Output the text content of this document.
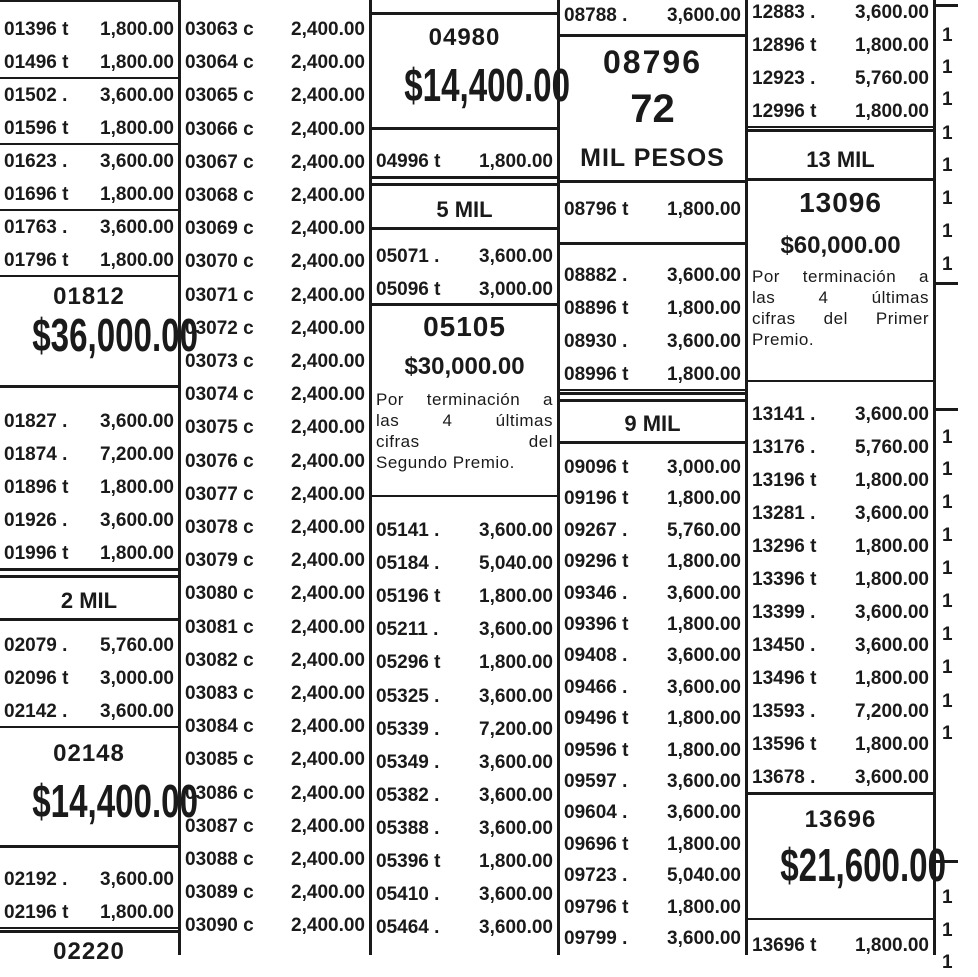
01812
$36,000.00
2 MIL
02148
$14,400.00
02220
01396 t 1,800.00
01496 t 1,800.00
01502 . 3,600.00
01596 t 1,800.00
01623 . 3,600.00
01696 t 1,800.00
01763 . 3,600.00
01796 t 1,800.00
01827 . 3,600.00
01874 . 7,200.00
01896 t 1,800.00
01926 . 3,600.00
01996 t 1,800.00
02079 . 5,760.00
02096 t 3,000.00
02142 . 3,600.00
02192 . 3,600.00
02196 t 1,800.00
03063 c 2,400.00
03064 c 2,400.00
03065 c 2,400.00
03066 c 2,400.00
03067 c 2,400.00
03068 c 2,400.00
03069 c 2,400.00
03070 c 2,400.00
03071 c 2,400.00
03072 c 2,400.00
03073 c 2,400.00
03074 c 2,400.00
03075 c 2,400.00
03076 c 2,400.00
03077 c 2,400.00
03078 c 2,400.00
03079 c 2,400.00
03080 c 2,400.00
03081 c 2,400.00
03082 c 2,400.00
03083 c 2,400.00
03084 c 2,400.00
03085 c 2,400.00
03086 c 2,400.00
03087 c 2,400.00
03088 c 2,400.00
03089 c 2,400.00
03090 c 2,400.00
04980
$14,400.00
5 MIL
05105
$30,000.00
Por terminación a
las 4 últimas
cifras del
Segundo Premio.
04996 t 1,800.00
05071 . 3,600.00
05096 t 3,000.00
05141 . 3,600.00
05184 . 5,040.00
05196 t 1,800.00
05211 . 3,600.00
05296 t 1,800.00
05325 . 3,600.00
05339 . 7,200.00
05349 . 3,600.00
05382 . 3,600.00
05388 . 3,600.00
05396 t 1,800.00
05410 . 3,600.00
05464 . 3,600.00
08796
72
MIL PESOS
9 MIL
08788 . 3,600.00
08796 t 1,800.00
08882 . 3,600.00
08896 t 1,800.00
08930 . 3,600.00
08996 t 1,800.00
09096 t 3,000.00
09196 t 1,800.00
09267 . 5,760.00
09296 t 1,800.00
09346 . 3,600.00
09396 t 1,800.00
09408 . 3,600.00
09466 . 3,600.00
09496 t 1,800.00
09596 t 1,800.00
09597 . 3,600.00
09604 . 3,600.00
09696 t 1,800.00
09723 . 5,040.00
09796 t 1,800.00
09799 . 3,600.00
13 MIL
13096
$60,000.00
Por terminación a
las 4 últimas
cifras del Primer
Premio.
13696
$21,600.00
12883 . 3,600.00
12896 t 1,800.00
12923 . 5,760.00
12996 t 1,800.00
13141 . 3,600.00
13176 . 5,760.00
13196 t 1,800.00
13281 . 3,600.00
13296 t 1,800.00
13396 t 1,800.00
13399 . 3,600.00
13450 . 3,600.00
13496 t 1,800.00
13593 . 7,200.00
13596 t 1,800.00
13678 . 3,600.00
13696 t 1,800.00
1
1
1
1
1
1
1
1
1
1
1
1
1
1
1
1
1
1
1
1
1
